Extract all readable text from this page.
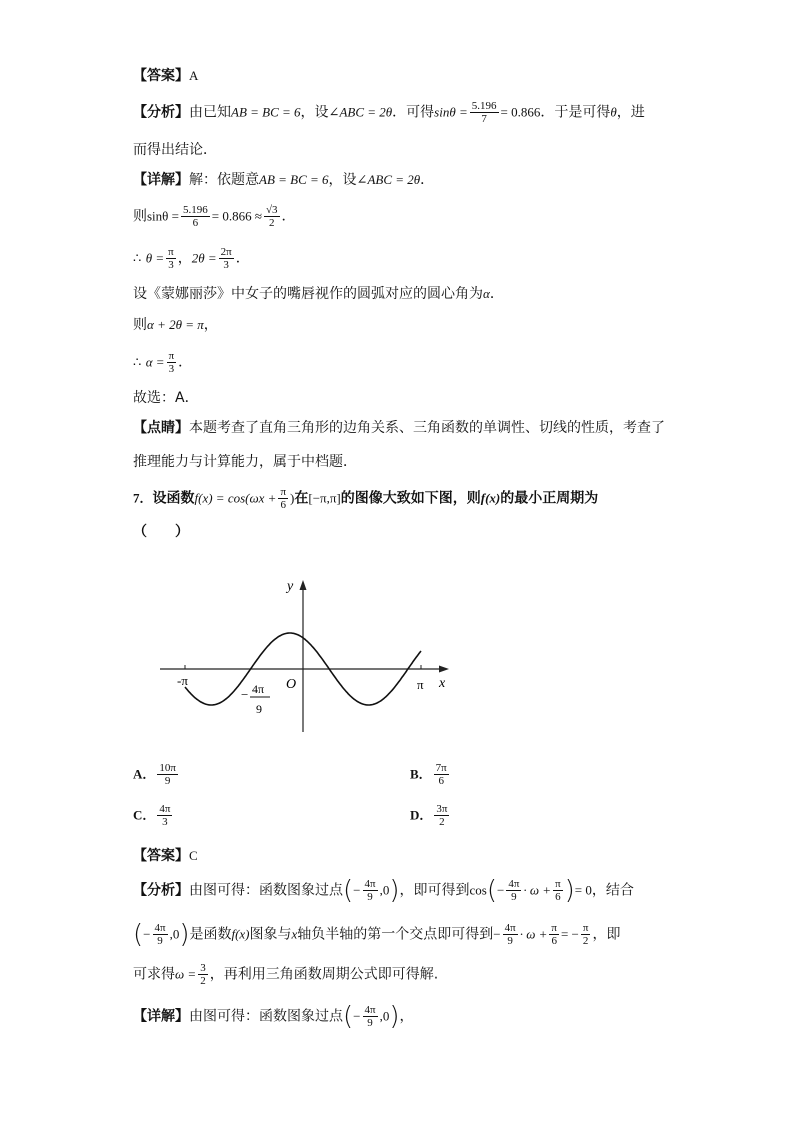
【答案】A
【分析】由已知AB = BC = 6，设∠ABC = 2θ．可得$\sin\theta = \frac{5.196}{7} = 0.866$．于是可得θ，进
而得出结论．
【详解】解：依题意AB = BC = 6，设∠ABC = 2θ．
则$\sin\theta = \frac{5.196}{6} = 0.866 \approx \frac{√3}{2}$ ．
∴ $\theta = \frac{\pi}{3}$ ，$2\theta = \frac{2\pi}{3}$ ．
设《蒙娜丽莎》中女子的嘴唇视作的圆弧对应的圆心角为α．
则α + 2θ = π，
∴ $\alpha = \frac{\pi}{3}$ ．
故选：A．
【点睛】本题考查了直角三角形的边角关系、三角函数的单调性、切线的性质，考查了
推理能力与计算能力，属于中档题．
7．设函数$f(x) = \cos(\omega x + \frac{\pi}{6}$ )在[−π,π]的图像大致如下图，则f(x)的最小正周期为
（　　）
y
x
O
-π	π
− 4π
9
A． $\frac{10\pi}{9}$	B． $\frac{7\pi}{6}$
C． $\frac{4\pi}{3}$	D． $\frac{3\pi}{2}$
【答案】C
【分析】由图可得：函数图象过点(− $\frac{4\pi}{9} ,0$)，即可得到$\cos(- \frac{4\pi}{9} \cdot \omega + \frac{\pi}{6}$ )= 0，结合
(− $\frac{4\pi}{9} ,0$)是函数f(x)图象与x轴负半轴的第一个交点即可得到− $\frac{4\pi}{9} \cdot \omega + \frac{\pi}{6}$ = − $\frac{\pi}{2}$ ，即
可求得$\omega = \frac{3}{2}$ ，再利用三角函数周期公式即可得解.
【详解】由图可得：函数图象过点(− $\frac{4\pi}{9} ,0$)，
